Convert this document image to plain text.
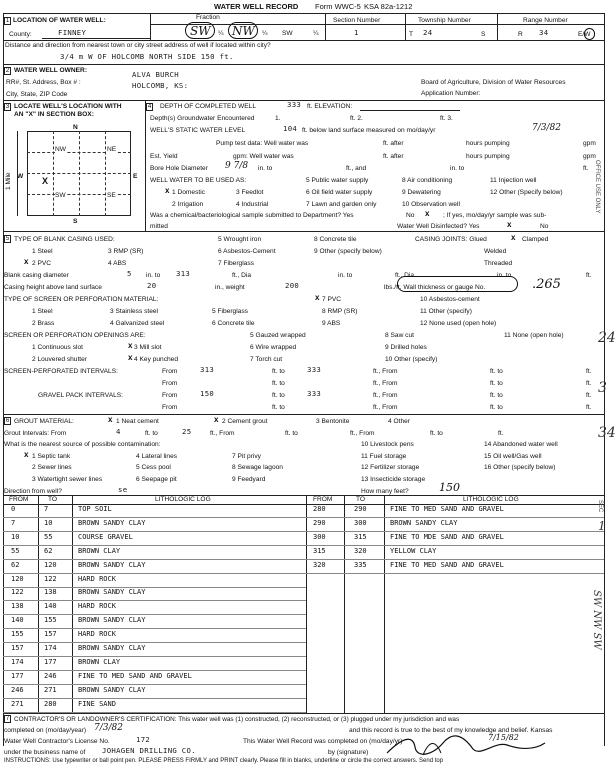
WATER WELL RECORD Form WWC-5 KSA 82a-1212
1 LOCATION OF WATER WELL:
County:	FINNEY
Fraction
SW ¼ NW ¼ SW	¼
Section Number
1
Township Number
T 24	S
Range Number
R 34	E/W
Distance and direction from nearest town or city street address of well if located within city?
3/4 m W OF HOLCOMB NORTH SIDE 150 ft.
2 WATER WELL OWNER:
RR#, St. Address, Box # :
ALVA BURCH
HOLCOMB, KS:
City, State, ZIP Code
Board of Agriculture, Division of Water Resources
Application Number:
3 LOCATE WELL'S LOCATION WITH
AN "X" IN SECTION BOX:
N
S
W	E
NW	NE
SW	SE
X
1 Mile
4 DEPTH OF COMPLETED WELL	333 ft. ELEVATION:
Depth(s) Groundwater Encountered	1.	ft. 2.	ft. 3.
WELL'S STATIC WATER LEVEL	104 ft. below land surface measured on mo/day/yr	7/3/82
Pump test data: Well water was	ft. after	hours pumping	gpm
Est. Yield	gpm: Well water was	ft. after	hours pumping	gpm
Bore Hole Diameter 9 7/8 in. to	ft., and	in. to	ft.
WELL WATER TO BE USED AS:	5 Public water supply	8 Air conditioning	11 Injection well
x 1 Domestic	3 Feedlot	6 Oil field water supply	9 Dewatering	12 Other (Specify below)
2 Irrigation	4 Industrial	7 Lawn and garden only	10 Observation well
Was a chemical/bacteriological sample submitted to Department? Yes	No x ; If yes, mo/day/yr sample was sub-
mitted	Water Well Disinfected? Yes	x	No
5 TYPE OF BLANK CASING USED:	5 Wrought iron	8 Concrete tile	CASING JOINTS: Glued	x Clamped
1 Steel	3 RMP (SR)	6 Asbestos-Cement	9 Other (specify below)	Welded
x 2 PVC	4 ABS	7 Fiberglass	Threaded
Blank casing diameter	5 in. to 313	ft., Dia	in. to	ft., Dia	in. to	ft.
Casing height above land surface	20	in., weight	200	lbs./ft. Wall thickness or gauge No.	.265
TYPE OF SCREEN OR PERFORATION MATERIAL:	x 7 PVC	10 Asbestos-cement
1 Steel	3 Stainless steel	5 Fiberglass	8 RMP (SR)	11 Other (specify)
2 Brass	4 Galvanized steel	6 Concrete tile	9 ABS	12 None used (open hole)
SCREEN OR PERFORATION OPENINGS ARE:	5 Gauzed wrapped	8 Saw cut	11 None (open hole)
1 Continuous slot	x 3 Mill slot	6 Wire wrapped	9 Drilled holes
2 Louvered shutter	x 4 Key punched	7 Torch cut	10 Other (specify)
SCREEN-PERFORATED INTERVALS:	From	313	ft. to	333	ft., From	ft. to	ft.
From	ft. to	ft., From	ft. to	ft.
GRAVEL PACK INTERVALS:	From	150	ft. to	333	ft., From	ft. to	ft.
From	ft. to	ft., From	ft. to	ft.
6 GROUT MATERIAL:	x 1 Neat cement	x 2 Cement grout	3 Bentonite	4 Other
Grout Intervals: From	4	ft. to	25	ft., From	ft. to	ft., From	ft. to	ft.
What is the nearest source of possible contamination:	10 Livestock pens	14 Abandoned water well
x 1 Septic tank	4 Lateral lines	7 Pit privy	11 Fuel storage	15 Oil well/Gas well
2 Sewer lines	5 Cess pool	8 Sewage lagoon	12 Fertilizer storage	16 Other (specify below)
3 Watertight sewer lines	6 Seepage pit	9 Feedyard	13 Insecticide storage
Direction from well?	se	How many feet?	150
FROM	TO	LITHOLOGIC LOG	FROM	TO	LITHOLOGIC LOG
0	7	TOP SOIL
7	10	BROWN SANDY CLAY
10	55	COURSE GRAVEL
55	62	BROWN CLAY
62	120	BROWN SANDY CLAY
120	122	HARD ROCK
122	138	BROWN SANDY CLAY
138	140	HARD ROCK
140	155	BROWN SANDY CLAY
155	157	HARD ROCK
157	174	BROWN SANDY CLAY
174	177	BROWN CLAY
177	246	FINE TO MED SAND AND GRAVEL
246	271	BROWN SANDY CLAY
271	280	FINE SAND
280	290	FINE TO MED SAND AND GRAVEL
290	300	BROWN SANDY CLAY
300	315	FINE TO MDE SAND AND GRAVEL
315	320	YELLOW CLAY
320	335	FINE TO MED SAND AND GRAVEL
7 CONTRACTOR'S OR LANDOWNER'S CERTIFICATION: This water well was (1) constructed, (2) reconstructed, or (3) plugged under my jurisdiction and was
completed on (mo/day/year) 7/3/82	and this record is true to the best of my knowledge and belief. Kansas
Water Well Contractor's License No.	172	This Water Well Record was completed on (mo/day/yr)	7/15/82
under the business name of JOHAGEN DRILLING CO.	by (signature)
INSTRUCTIONS: Use typewriter or ball point pen. PLEASE PRESS FIRMLY and PRINT clearly. Please fill in blanks, underline or circle the correct answers. Send top
OFFICE USE ONLY
24
34
3
SEC
1
SW NW SW
